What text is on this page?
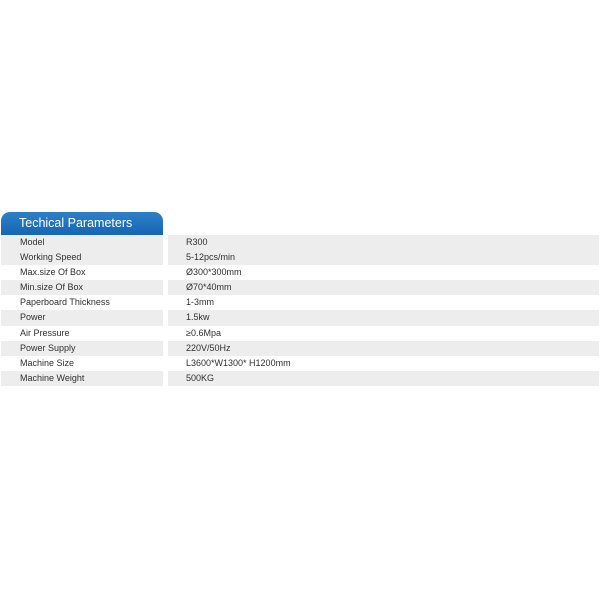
Techical Parameters
Model	R300
Working Speed	5-12pcs/min
Max.size Of Box	Ø300*300mm
Min.size Of Box	Ø70*40mm
Paperboard Thickness	1-3mm
Power	1.5kw
Air Pressure	≥0.6Mpa
Power Supply	220V/50Hz
Machine Size	L3600*W1300* H1200mm
Machine Weight	500KG
